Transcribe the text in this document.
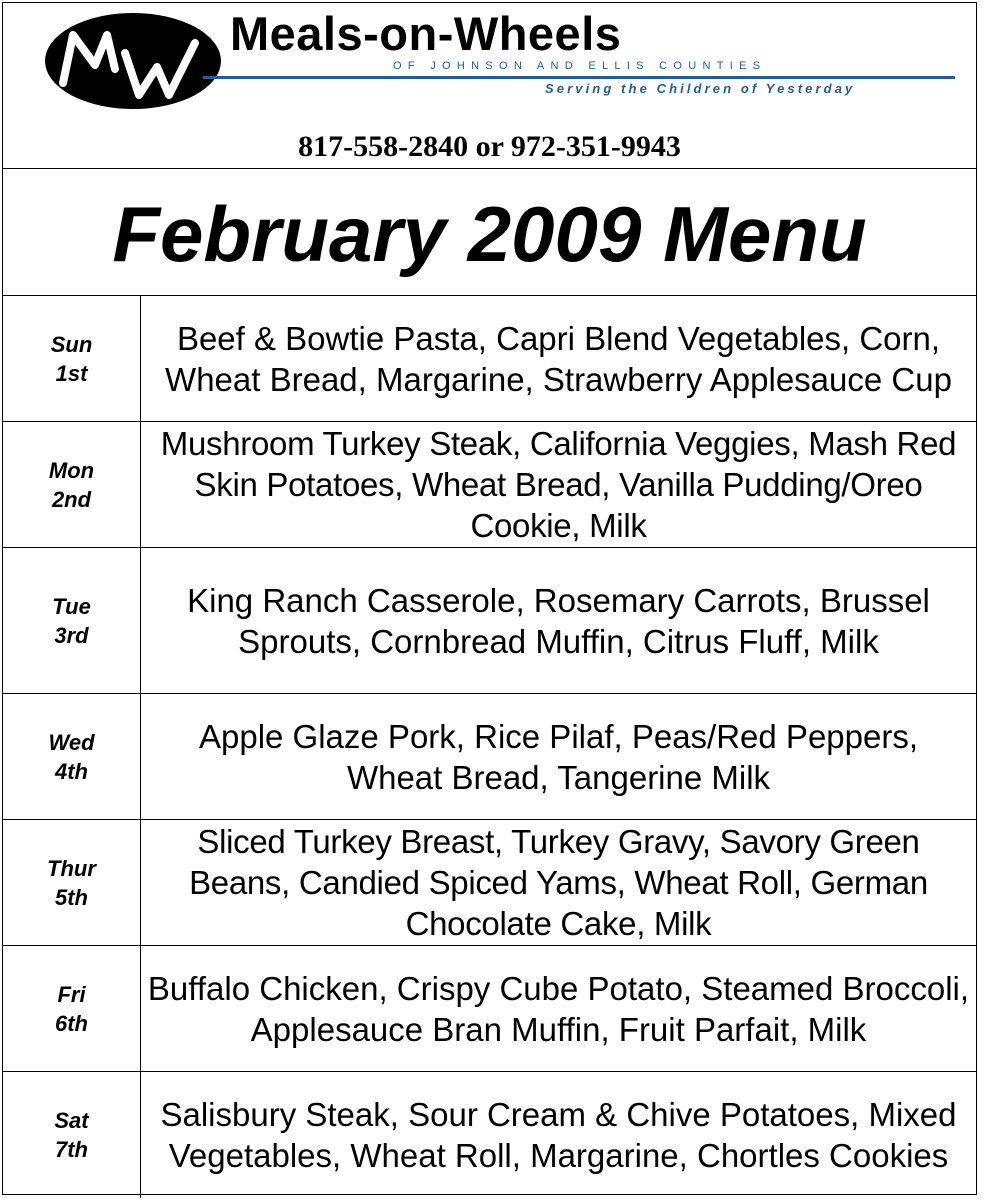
Meals-on-Wheels
OF JOHNSON AND ELLIS COUNTIES
Serving the Children of Yesterday
817-558-2840 or 972-351-9943
February 2009 Menu
Sun
1st
Beef & Bowtie Pasta, Capri Blend Vegetables, Corn, Wheat Bread, Margarine, Strawberry Applesauce Cup
Mon
2nd
Mushroom Turkey Steak, California Veggies, Mash Red Skin Potatoes, Wheat Bread, Vanilla Pudding/Oreo Cookie, Milk
Tue
3rd
King Ranch Casserole, Rosemary Carrots, Brussel Sprouts, Cornbread Muffin, Citrus Fluff, Milk
Wed
4th
Apple Glaze Pork, Rice Pilaf, Peas/Red Peppers, Wheat Bread, Tangerine Milk
Thur
5th
Sliced Turkey Breast, Turkey Gravy, Savory Green Beans, Candied Spiced Yams, Wheat Roll, German Chocolate Cake, Milk
Fri
6th
Buffalo Chicken, Crispy Cube Potato, Steamed Broccoli, Applesauce Bran Muffin, Fruit Parfait, Milk
Sat
7th
Salisbury Steak, Sour Cream & Chive Potatoes, Mixed Vegetables, Wheat Roll, Margarine, Chortles Cookies
